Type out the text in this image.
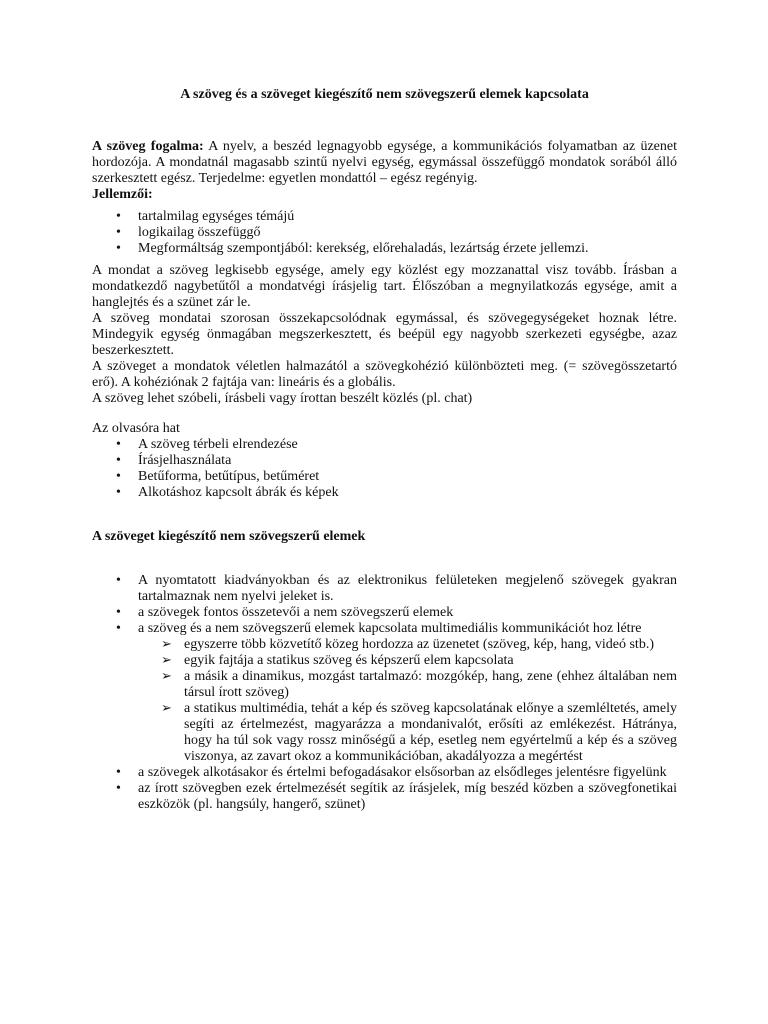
A szöveg és a szöveget kiegészítő nem szövegszerű elemek kapcsolata

A szöveg fogalma: A nyelv, a beszéd legnagyobb egysége, a kommunikációs folyamatban az üzenet hordozója. A mondatnál magasabb szintű nyelvi egység, egymással összefüggő mondatok sorából álló szerkesztett egész. Terjedelme: egyetlen mondattól – egész regényig.

Jellemzői:

• tartalmilag egységes témájú
• logikailag összefüggő
• Megformáltság szempontjából: kerekség, előrehaladás, lezártság érzete jellemzi.

A mondat a szöveg legkisebb egysége, amely egy közlést egy mozzanattal visz tovább. Írásban a mondatkezdő nagybetűtől a mondatvégi írásjelig tart. Élőszóban a megnyilatkozás egysége, amit a hanglejtés és a szünet zár le.

A szöveg mondatai szorosan összekapcsolódnak egymással, és szövegegységeket hoznak létre. Mindegyik egység önmagában megszerkesztett, és beépül egy nagyobb szerkezeti egységbe, azaz beszerkesztett.

A szöveget a mondatok véletlen halmazától a szövegkohézió különbözteti meg. (= szövegösszetartó erő). A kohéziónak 2 fajtája van: lineáris és a globális.

A szöveg lehet szóbeli, írásbeli vagy írottan beszélt közlés (pl. chat)

Az olvasóra hat

• A szöveg térbeli elrendezése
• Írásjelhasználata
• Betűforma, betűtípus, betűméret
• Alkotáshoz kapcsolt ábrák és képek

A szöveget kiegészítő nem szövegszerű elemek

• A nyomtatott kiadványokban és az elektronikus felületeken megjelenő szövegek gyakran tartalmaznak nem nyelvi jeleket is.
• a szövegek fontos összetevői a nem szövegszerű elemek
• a szöveg és a nem szövegszerű elemek kapcsolata multimediális kommunikációt hoz létre
➢ egyszerre több közvetítő közeg hordozza az üzenetet (szöveg, kép, hang, videó stb.)
➢ egyik fajtája a statikus szöveg és képszerű elem kapcsolata
➢ a másik a dinamikus, mozgást tartalmazó: mozgókép, hang, zene (ehhez általában nem társul írott szöveg)
➢ a statikus multimédia, tehát a kép és szöveg kapcsolatának előnye a szemléltetés, amely segíti az értelmezést, magyarázza a mondanivalót, erősíti az emlékezést. Hátránya, hogy ha túl sok vagy rossz minőségű a kép, esetleg nem egyértelmű a kép és a szöveg viszonya, az zavart okoz a kommunikációban, akadályozza a megértést
• a szövegek alkotásakor és értelmi befogadásakor elsősorban az elsődleges jelentésre figyelünk
• az írott szövegben ezek értelmezését segítik az írásjelek, míg beszéd közben a szövegfonetikai eszközök (pl. hangsúly, hangerő, szünet)
